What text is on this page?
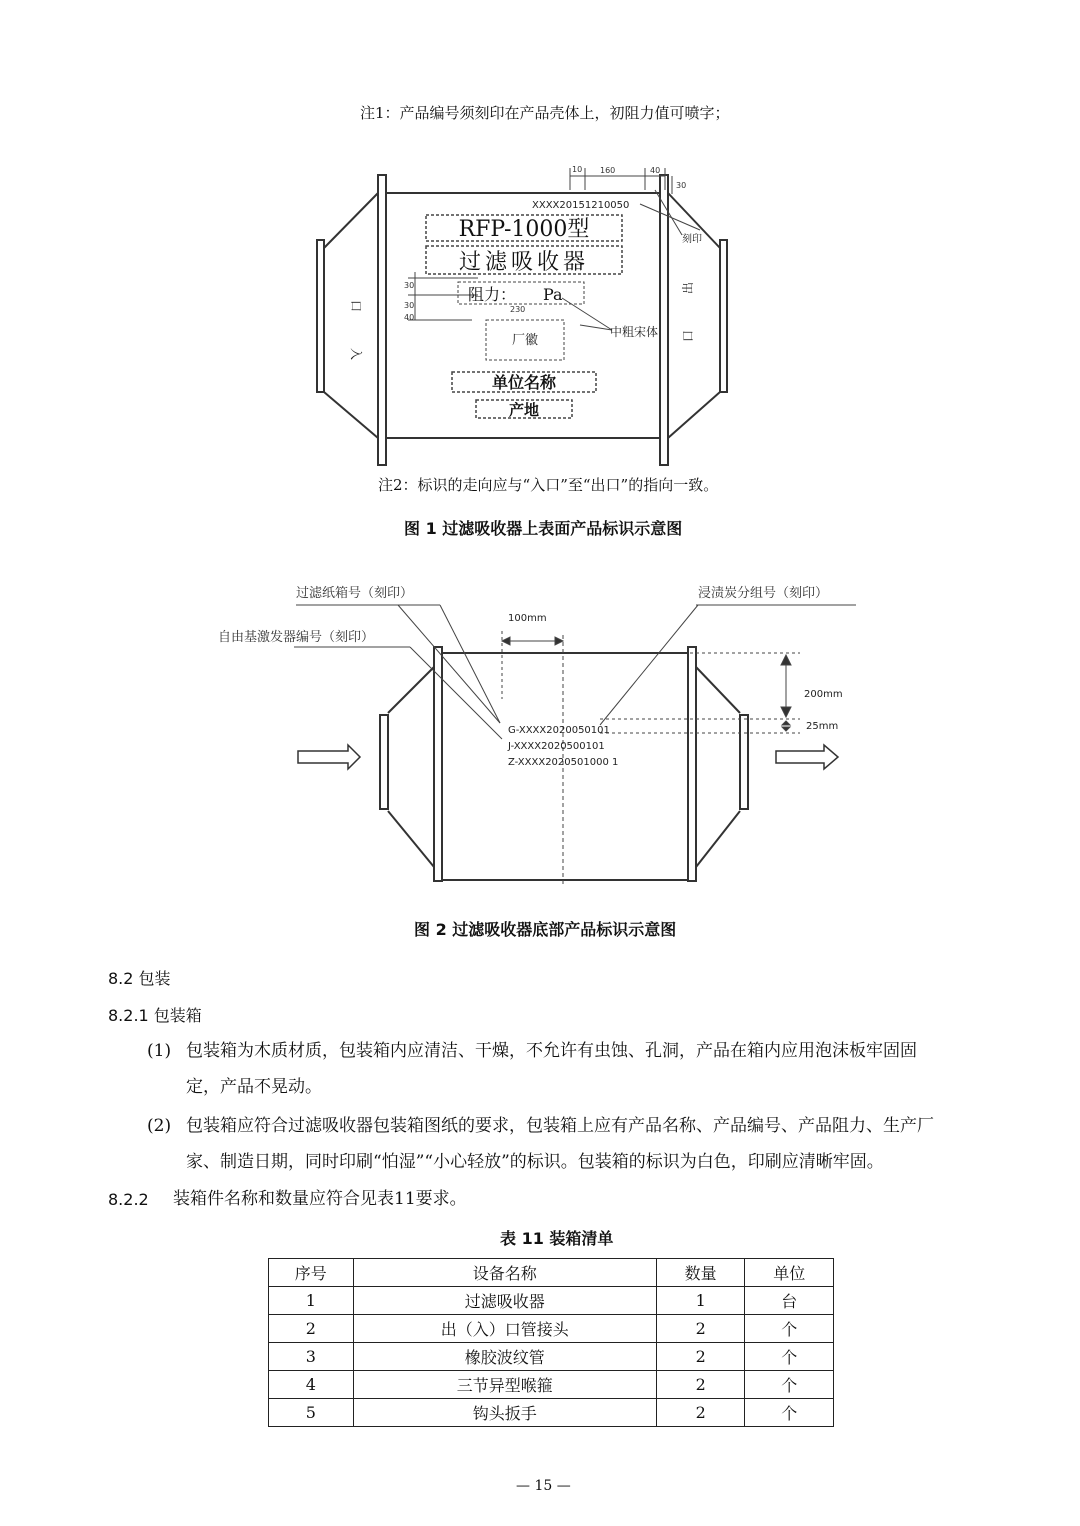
注1：产品编号须刻印在产品壳体上，初阻力值可喷字；
10 160	40
30
30
30
40
230
XXXX20151210050
刻印
RFP-1000型
过滤吸收器
阻力： Pa
中粗宋体
厂徽
单位名称
产地
入
口
出
口
注2：标识的走向应与“入口”至“出口”的指向一致。
图 1 过滤吸收器上表面产品标识示意图
过滤纸箱号（刻印）	浸渍炭分组号（刻印）
自由基激发器编号（刻印）
100mm
200mm
25mm
G-XXXX2020050101
J-XXXX2020500101
Z-XXXX2020501000 1
图 2 过滤吸收器底部产品标识示意图
8.2 包装
8.2.1 包装箱
(1) 包装箱为木质材质，包装箱内应清洁、干燥，不允许有虫蚀、孔洞，产品在箱内应用泡沫板牢固固
定，产品不晃动。
(2) 包装箱应符合过滤吸收器包装箱图纸的要求，包装箱上应有产品名称、产品编号、产品阻力、生产厂
家、制造日期，同时印刷“怕湿”“小心轻放”的标识。包装箱的标识为白色，印刷应清晰牢固。
8.2.2 装箱件名称和数量应符合见表11要求。
表 11 装箱清单
序号	设备名称	数量	单位
1	过滤吸收器	1	台
2	出（入）口管接头	2	个
3	橡胶波纹管	2	个
4	三节异型喉箍	2	个
5	钩头扳手	2	个
— 15 —
